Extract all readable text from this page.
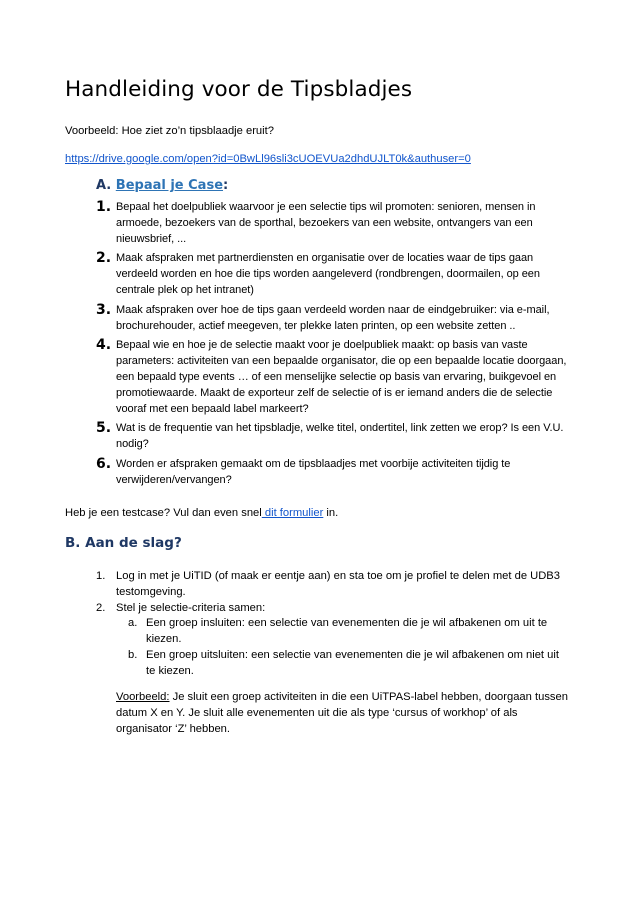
Handleiding voor de Tipsbladjes
Voorbeeld: Hoe ziet zo’n tipsblaadje eruit?
https://drive.google.com/open?id=0BwLl96sli3cUOEVUa2dhdUJLT0k&authuser=0
A. Bepaal je Case:
1. Bepaal het doelpubliek waarvoor je een selectie tips wil promoten: senioren, mensen in armoede, bezoekers van de sporthal, bezoekers van een website, ontvangers van een nieuwsbrief, ...
2. Maak afspraken met partnerdiensten en organisatie over de locaties waar de tips gaan verdeeld worden en hoe die tips worden aangeleverd (rondbrengen, doormailen, op een centrale plek op het intranet)
3. Maak afspraken over hoe de tips gaan verdeeld worden naar de eindgebruiker: via e-mail, brochurehouder, actief meegeven, ter plekke laten printen, op een website zetten ..
4. Bepaal wie en hoe je de selectie maakt voor je doelpubliek maakt: op basis van vaste parameters: activiteiten van een bepaalde organisator, die op een bepaalde locatie doorgaan, een bepaald type events … of een menselijke selectie op basis van ervaring, buikgevoel en promotiewaarde. Maakt de exporteur zelf de selectie of is er iemand anders die de selectie vooraf met een bepaald label markeert?
5. Wat is de frequentie van het tipsbladje, welke titel, ondertitel, link zetten we erop? Is een V.U. nodig?
6. Worden er afspraken gemaakt om de tipsblaadjes met voorbije activiteiten tijdig te verwijderen/vervangen?
Heb je een testcase? Vul dan even snel dit formulier in.
B. Aan de slag?
1. Log in met je UiTID (of maak er eentje aan) en sta toe om je profiel te delen met de UDB3 testomgeving.
2. Stel je selectie-criteria samen:
a. Een groep insluiten: een selectie van evenementen die je wil afbakenen om uit te kiezen.
b. Een groep uitsluiten: een selectie van evenementen die je wil afbakenen om niet uit te kiezen.
Voorbeeld: Je sluit een groep activiteiten in die een UiTPAS-label hebben, doorgaan tussen datum X en Y. Je sluit alle evenementen uit die als type ‘cursus of workhop’ of als organisator ‘Z’ hebben.
